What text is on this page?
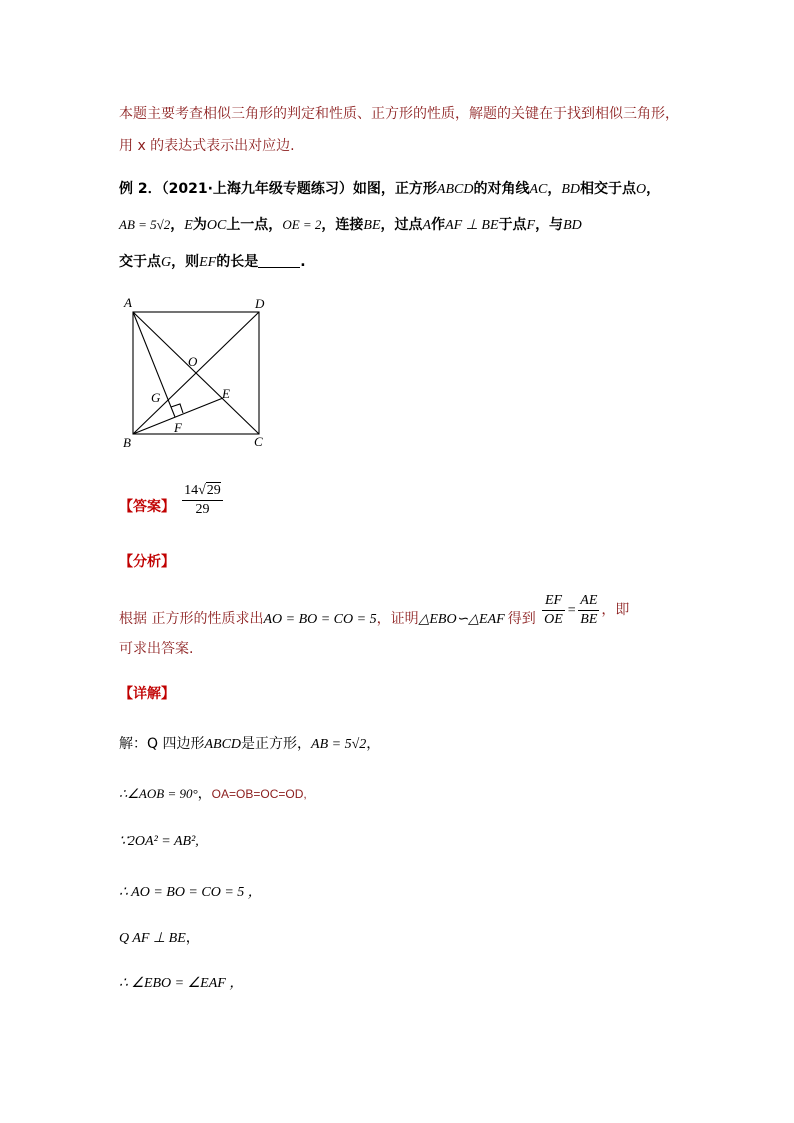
本题主要考查相似三角形的判定和性质、正方形的性质，解题的关键在于找到相似三角形，
用 x 的表达式表示出对应边.
例 2．（2021·上海九年级专题练习）如图，正方形ABCD的对角线AC，BD相交于点O，
AB = 5√2，E为OC上一点，OE = 2，连接BE，过点A作AF ⊥ BE于点F，与BD
交于点G，则EF的长是	.
A	D
B	C
O
E
F
G
【答案】 $\frac{14√29}{29}$
【分析】
根据 正方形的性质求出AO = BO = CO = 5，证明△EBO∽△EAF 得到 $\frac{EF}{OE} = \frac{AE}{BE}$ ，即
可求出答案.
【详解】
解：Q 四边形ABCD是正方形，AB = 5√2，
∴∠AOB = 90°，OA=OB=OC=OD,
∵2OA² = AB²,
∴ AO = BO = CO = 5 ，
Q AF ⊥ BE，
∴ ∠EBO = ∠EAF ，
